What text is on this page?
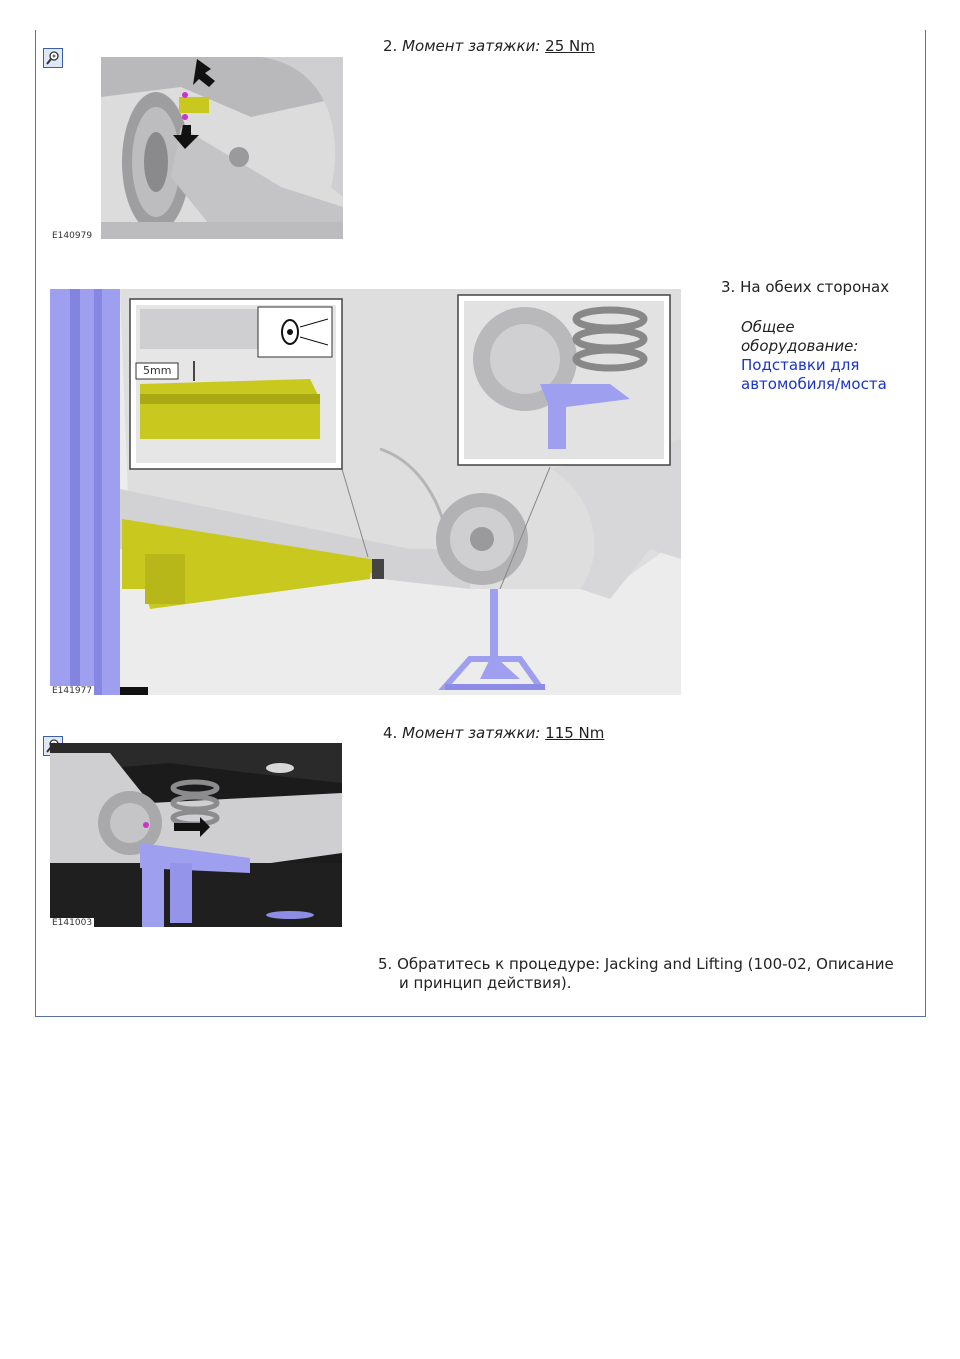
E140979
2. Момент затяжки: 25 Nm
5mm
E141977
3. На обеих сторонах
Общее оборудование:
Подставки для автомобиля/моста
E141003
4. Момент затяжки: 115 Nm
5. Обратитесь к процедуре: Jacking and Lifting (100-02, Описание
и принцип действия).
